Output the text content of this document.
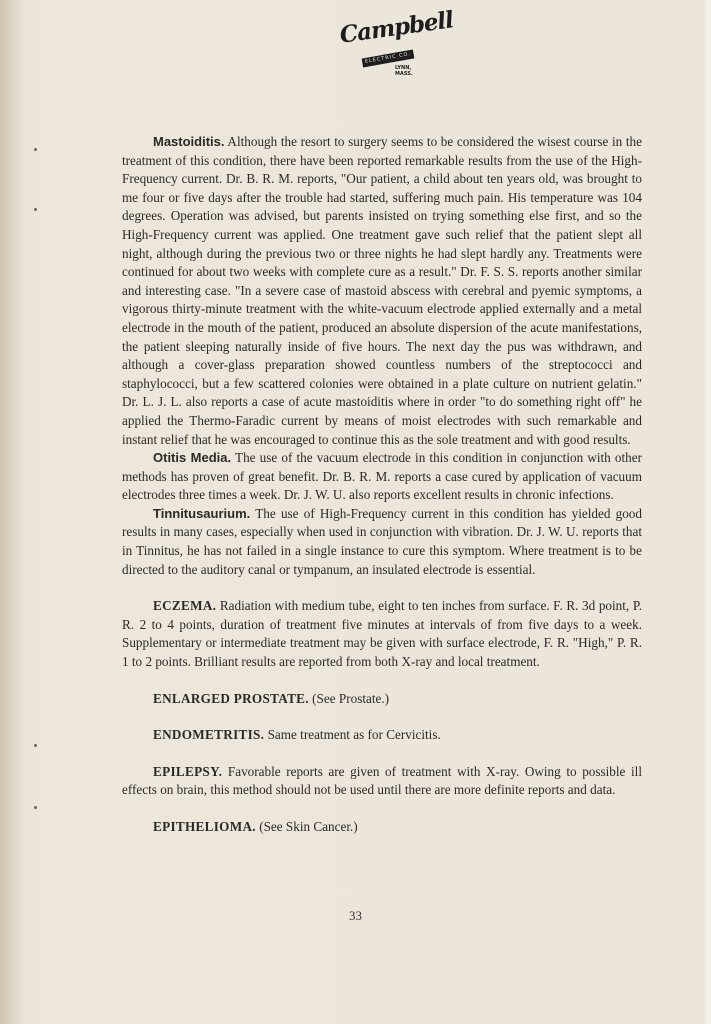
Campbell
ELECTRIC CO.
LYNN, MASS.

Mastoiditis. Although the resort to surgery seems to be considered the wisest course in the treatment of this condition, there have been reported remarkable results from the use of the High-Frequency current. Dr. B. R. M. reports, "Our patient, a child about ten years old, was brought to me four or five days after the trouble had started, suffering much pain. His temperature was 104 degrees. Operation was advised, but parents insisted on trying something else first, and so the High-Frequency current was applied. One treatment gave such relief that the patient slept all night, although during the previous two or three nights he had slept hardly any. Treatments were continued for about two weeks with complete cure as a result." Dr. F. S. S. reports another similar and interesting case. "In a severe case of mastoid abscess with cerebral and pyemic symptoms, a vigorous thirty-minute treatment with the white-vacuum electrode applied externally and a metal electrode in the mouth of the patient, produced an absolute dispersion of the acute manifestations, the patient sleeping naturally inside of five hours. The next day the pus was withdrawn, and although a cover-glass preparation showed countless numbers of the streptococci and staphylococci, but a few scattered colonies were obtained in a plate culture on nutrient gelatin." Dr. L. J. L. also reports a case of acute mastoiditis where in order "to do something right off" he applied the Thermo-Faradic current by means of moist electrodes with such remarkable and instant relief that he was encouraged to continue this as the sole treatment and with good results.

Otitis Media. The use of the vacuum electrode in this condition in conjunction with other methods has proven of great benefit. Dr. B. R. M. reports a case cured by application of vacuum electrodes three times a week. Dr. J. W. U. also reports excellent results in chronic infections.

Tinnitusaurium. The use of High-Frequency current in this condition has yielded good results in many cases, especially when used in conjunction with vibration. Dr. J. W. U. reports that in Tinnitus, he has not failed in a single instance to cure this symptom. Where treatment is to be directed to the auditory canal or tympanum, an insulated electrode is essential.

ECZEMA. Radiation with medium tube, eight to ten inches from surface. F. R. 3d point, P. R. 2 to 4 points, duration of treatment five minutes at intervals of from five days to a week. Supplementary or intermediate treatment may be given with surface electrode, F. R. "High," P. R. 1 to 2 points. Brilliant results are reported from both X-ray and local treatment.

ENLARGED PROSTATE. (See Prostate.)

ENDOMETRITIS. Same treatment as for Cervicitis.

EPILEPSY. Favorable reports are given of treatment with X-ray. Owing to possible ill effects on brain, this method should not be used until there are more definite reports and data.

EPITHELIOMA. (See Skin Cancer.)

33
